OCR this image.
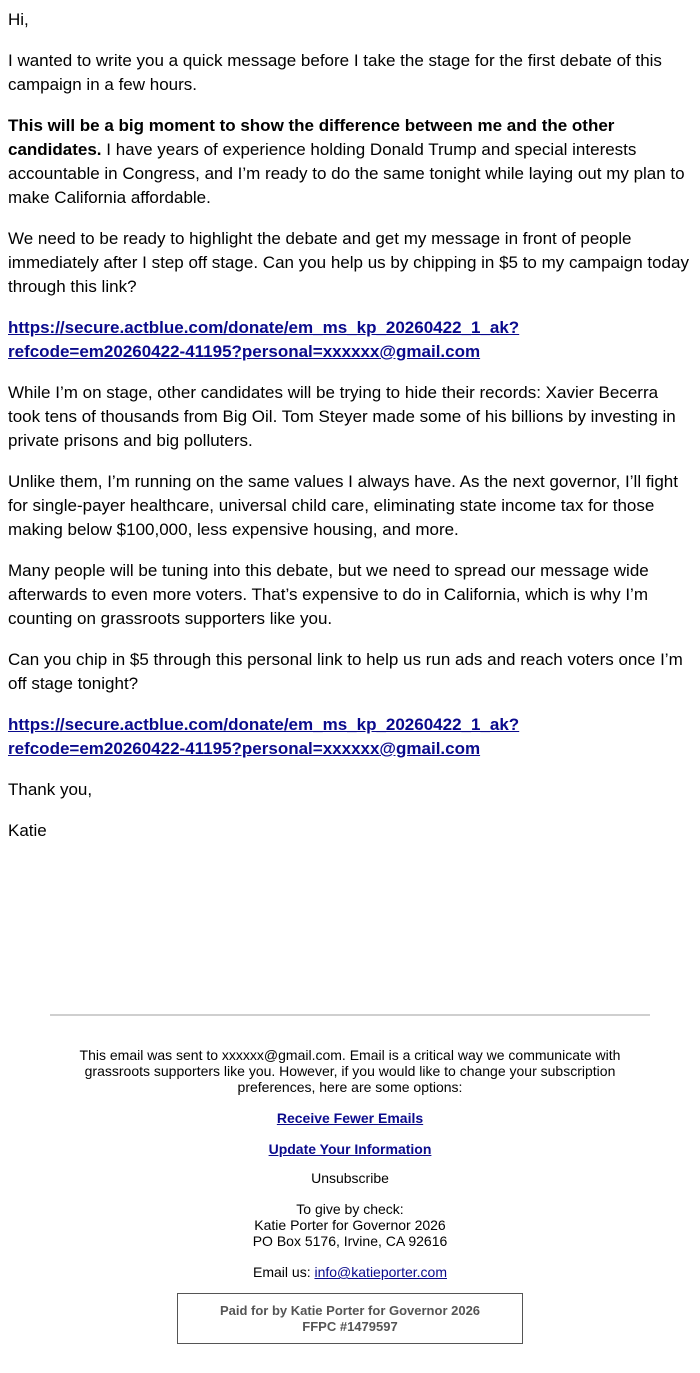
Hi,

I wanted to write you a quick message before I take the stage for the first debate of this campaign in a few hours.

This will be a big moment to show the difference between me and the other candidates. I have years of experience holding Donald Trump and special interests accountable in Congress, and I’m ready to do the same tonight while laying out my plan to make California affordable.

We need to be ready to highlight the debate and get my message in front of people immediately after I step off stage. Can you help us by chipping in $5 to my campaign today through this link?

https://secure.actblue.com/donate/em_ms_kp_20260422_1_ak?
refcode=em20260422-41195?personal=xxxxxx@gmail.com

While I’m on stage, other candidates will be trying to hide their records: Xavier Becerra took tens of thousands from Big Oil. Tom Steyer made some of his billions by investing in private prisons and big polluters.

Unlike them, I’m running on the same values I always have. As the next governor, I’ll fight for single-payer healthcare, universal child care, eliminating state income tax for those making below $100,000, less expensive housing, and more.

Many people will be tuning into this debate, but we need to spread our message wide afterwards to even more voters. That’s expensive to do in California, which is why I’m counting on grassroots supporters like you.

Can you chip in $5 through this personal link to help us run ads and reach voters once I’m off stage tonight?

https://secure.actblue.com/donate/em_ms_kp_20260422_1_ak?
refcode=em20260422-41195?personal=xxxxxx@gmail.com

Thank you,

Katie

This email was sent to xxxxxx@gmail.com. Email is a critical way we communicate with grassroots supporters like you. However, if you would like to change your subscription preferences, here are some options:
Receive Fewer Emails
Update Your Information
Unsubscribe
To give by check:
Katie Porter for Governor 2026
PO Box 5176, Irvine, CA 92616
Email us: info@katieporter.com
Paid for by Katie Porter for Governor 2026
FFPC #1479597
